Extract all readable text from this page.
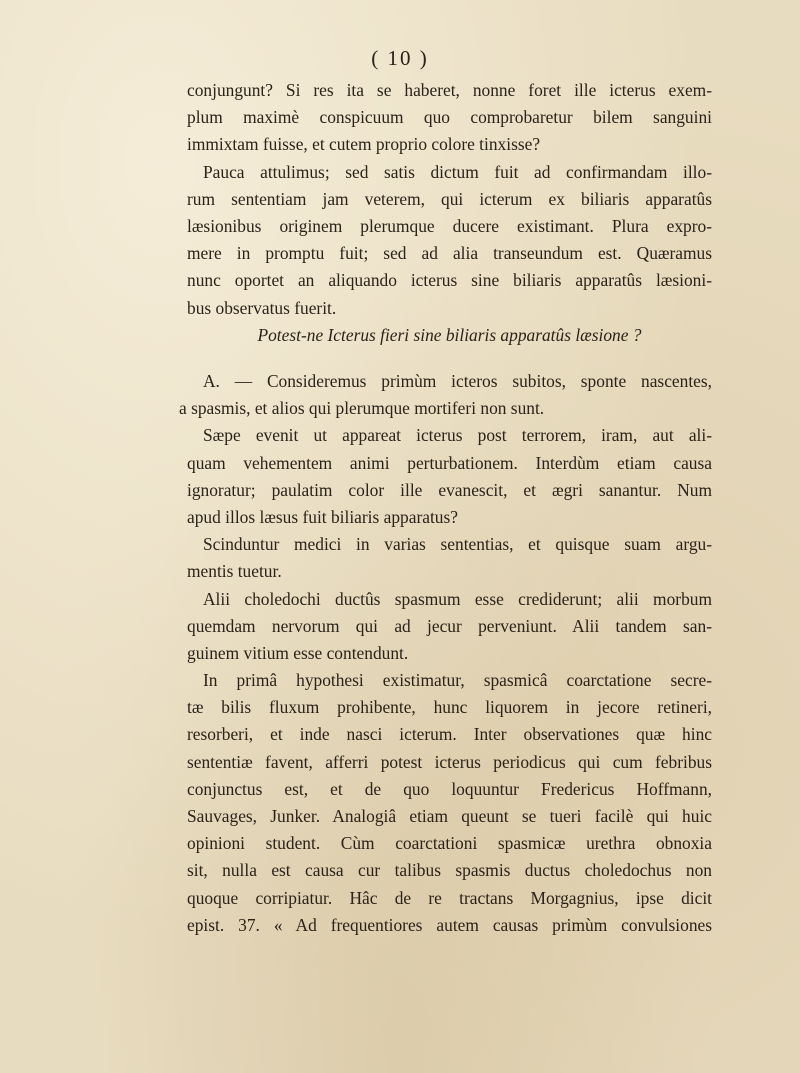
( 10 )
conjungunt? Si res ita se haberet, nonne foret ille icterus exem-
plum maximè conspicuum quo comprobaretur bilem sanguini
immixtam fuisse, et cutem proprio colore tinxisse?
Pauca attulimus; sed satis dictum fuit ad confirmandam illo-
rum sententiam jam veterem, qui icterum ex biliaris apparatûs
læsionibus originem plerumque ducere existimant. Plura expro-
mere in promptu fuit; sed ad alia transeundum est. Quæramus
nunc oportet an aliquando icterus sine biliaris apparatûs læsioni-
bus observatus fuerit.
Potest-ne Icterus fieri sine biliaris apparatûs læsione ?
A. — Consideremus primùm icteros subitos, sponte nascentes,
a spasmis, et alios qui plerumque mortiferi non sunt.
Sæpe evenit ut appareat icterus post terrorem, iram, aut ali-
quam vehementem animi perturbationem. Interdùm etiam causa
ignoratur; paulatim color ille evanescit, et ægri sanantur. Num
apud illos læsus fuit biliaris apparatus?
Scinduntur medici in varias sententias, et quisque suam argu-
mentis tuetur.
Alii choledochi ductûs spasmum esse crediderunt; alii morbum
quemdam nervorum qui ad jecur perveniunt. Alii tandem san-
guinem vitium esse contendunt.
In primâ hypothesi existimatur, spasmicâ coarctatione secre-
tæ bilis fluxum prohibente, hunc liquorem in jecore retineri,
resorberi, et inde nasci icterum. Inter observationes quæ hinc
sententiæ favent, afferri potest icterus periodicus qui cum febribus
conjunctus est, et de quo loquuntur Fredericus Hoffmann,
Sauvages, Junker. Analogiâ etiam queunt se tueri facilè qui huic
opinioni student. Cùm coarctationi spasmicæ urethra obnoxia
sit, nulla est causa cur talibus spasmis ductus choledochus non
quoque corripiatur. Hâc de re tractans Morgagnius, ipse dicit
epist. 37. « Ad frequentiores autem causas primùm convulsiones
